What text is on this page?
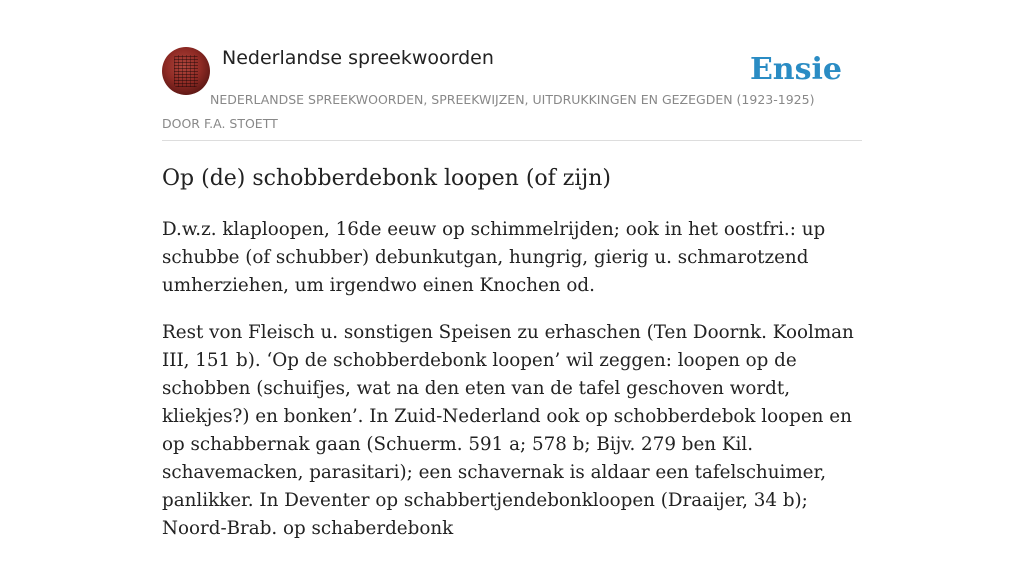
Nederlandse spreekwoorden	Ensie
NEDERLANDSE SPREEKWOORDEN, SPREEKWIJZEN, UITDRUKKINGEN EN GEZEGDEN (1923-1925)
DOOR F.A. STOETT
Op (de) schobberdebonk loopen (of zijn)

D.w.z. klaploopen, 16de eeuw op schimmelrijden; ook in het oostfri.: up schubbe (of schubber) debunkutgan, hungrig, gierig u. schmarotzend umherziehen, um irgendwo einen Knochen od.

Rest von Fleisch u. sonstigen Speisen zu erhaschen (Ten Doornk. Koolman III, 151 b). ‘Op de schobberdebonk loopen’ wil zeggen: loopen op de schobben (schuifjes, wat na den eten van de tafel geschoven wordt, kliekjes?) en bonken’. In Zuid-Nederland ook op schobberdebok loopen en op schabbernak gaan (Schuerm. 591 a; 578 b; Bijv. 279 ben Kil. schavemacken, parasitari); een schavernak is aldaar een tafelschuimer, panlikker. In Deventer op schabbertjendebonkloopen (Draaijer, 34 b); Noord-Brab. op schaberdebonk
